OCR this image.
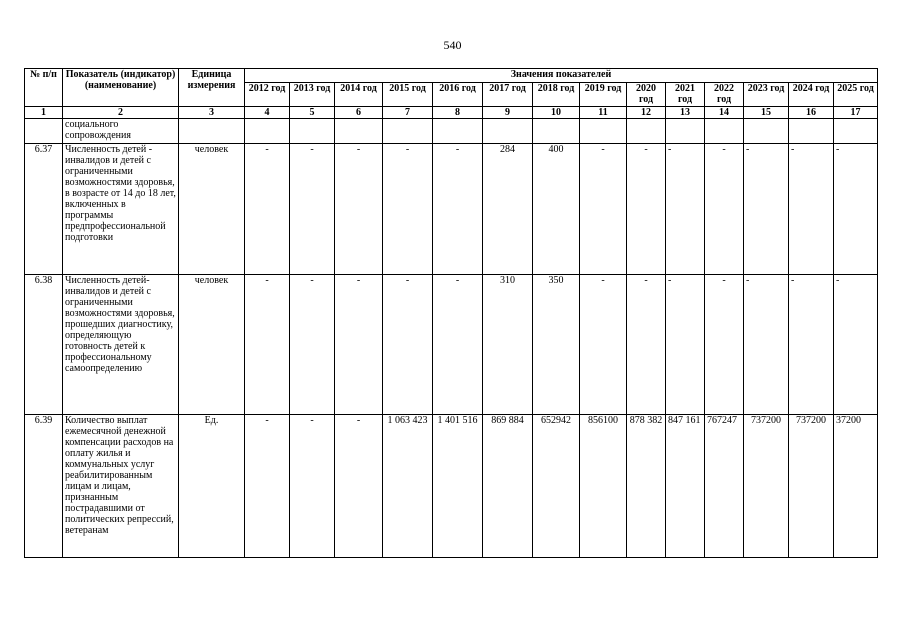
540
№ п/п	Показатель (индикатор) (наименование)	Единица измерения	Значения показателей													
			2012 год	2013 год	2014 год	2015 год	2016 год	2017 год	2018 год	2019 год	2020 год	2021 год	2022 год	2023 год	2024 год	2025 год
1	2	3	4	5	6	7	8	9	10	11	12	13	14	15	16	17
	социального сопровождения															
6.37	Численность детей - инвалидов и детей с ограниченными возможностями здоровья, в возрасте от 14 до 18 лет, включенных в программы предпрофессиональной подготовки	человек	-	-	-	-	-	284	400	-	-	-	-	-	-	-
6.38	Численность детей-инвалидов и детей с ограниченными возможностями здоровья, прошедших диагностику, определяющую готовность детей к профессиональному самоопределению	человек	-	-	-	-	-	310	350	-	-	-	-	-	-	-
6.39	Количество выплат ежемесячной денежной компенсации расходов на оплату жилья и коммунальных услуг реабилитированным лицам и лицам, признанным пострадавшими от политических репрессий, ветеранам	Ед.	-	-	-	1 063 423	1 401 516	869 884	652942	856100	878 382	847 161	767247	737200	737200	37200
